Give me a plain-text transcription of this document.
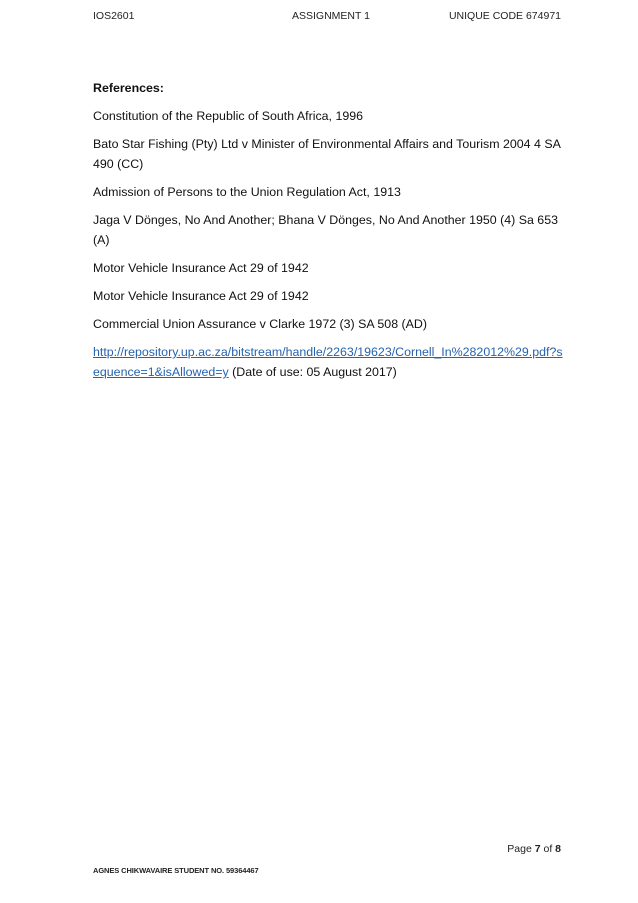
IOS2601	ASSIGNMENT 1	UNIQUE CODE 674971

References:

Constitution of the Republic of South Africa, 1996

Bato Star Fishing (Pty) Ltd v Minister of Environmental Affairs and Tourism 2004 4 SA 490 (CC)

Admission of Persons to the Union Regulation Act, 1913

Jaga V Dönges, No And Another; Bhana V Dönges, No And Another 1950 (4) Sa 653 (A)

Motor Vehicle Insurance Act 29 of 1942

Motor Vehicle Insurance Act 29 of 1942

Commercial Union Assurance v Clarke 1972 (3) SA 508 (AD)

http://repository.up.ac.za/bitstream/handle/2263/19623/Cornell_In%282012%29.pdf?sequence=1&isAllowed=y (Date of use: 05 August 2017)

Page 7 of 8
AGNES CHIKWAVAIRE STUDENT NO. 59364467
